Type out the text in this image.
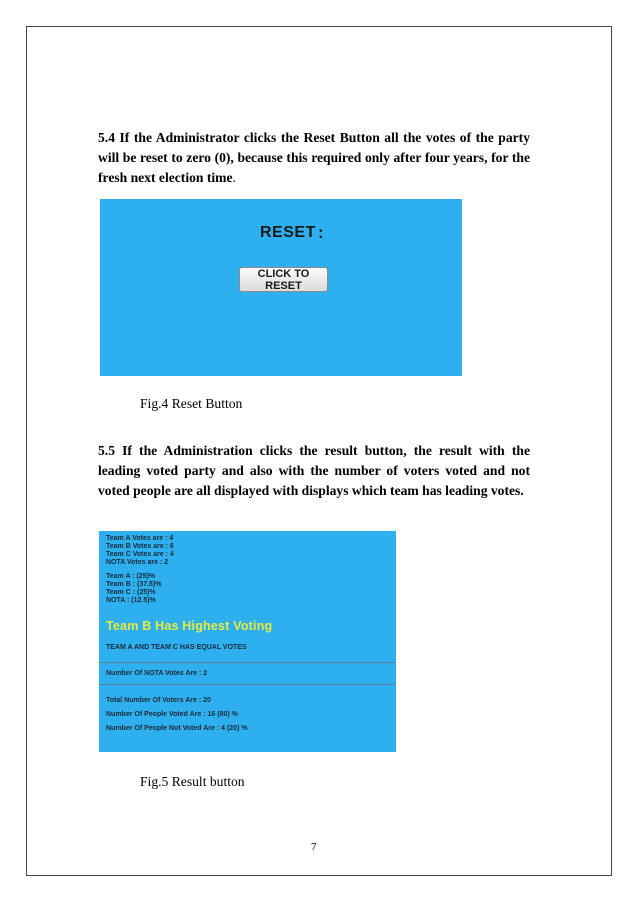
5.4 If the Administrator clicks the Reset Button all the votes of the party will be reset to zero (0), because this required only after four years, for the fresh next election time.
RESET :
CLICK TO RESET
Fig.4 Reset Button
5.5 If the Administration clicks the result button, the result with the leading voted party and also with the number of voters voted and not voted people are all displayed with displays which team has leading votes.
Team A Votes are : 4
Team B Votes are : 6
Team C Votes are : 4
NOTA Votes are : 2
Team A : (25)%
Team B : (37.5)%
Team C : (25)%
NOTA : (12.5)%
Team B Has Highest Voting
TEAM A AND TEAM C HAS EQUAL VOTES
Number Of NOTA Votes Are : 2
Total Number Of Voters Are : 20
Number Of People Voted Are : 16 (80) %
Number Of People Not Voted Are : 4 (20) %
Fig.5 Result button
7
